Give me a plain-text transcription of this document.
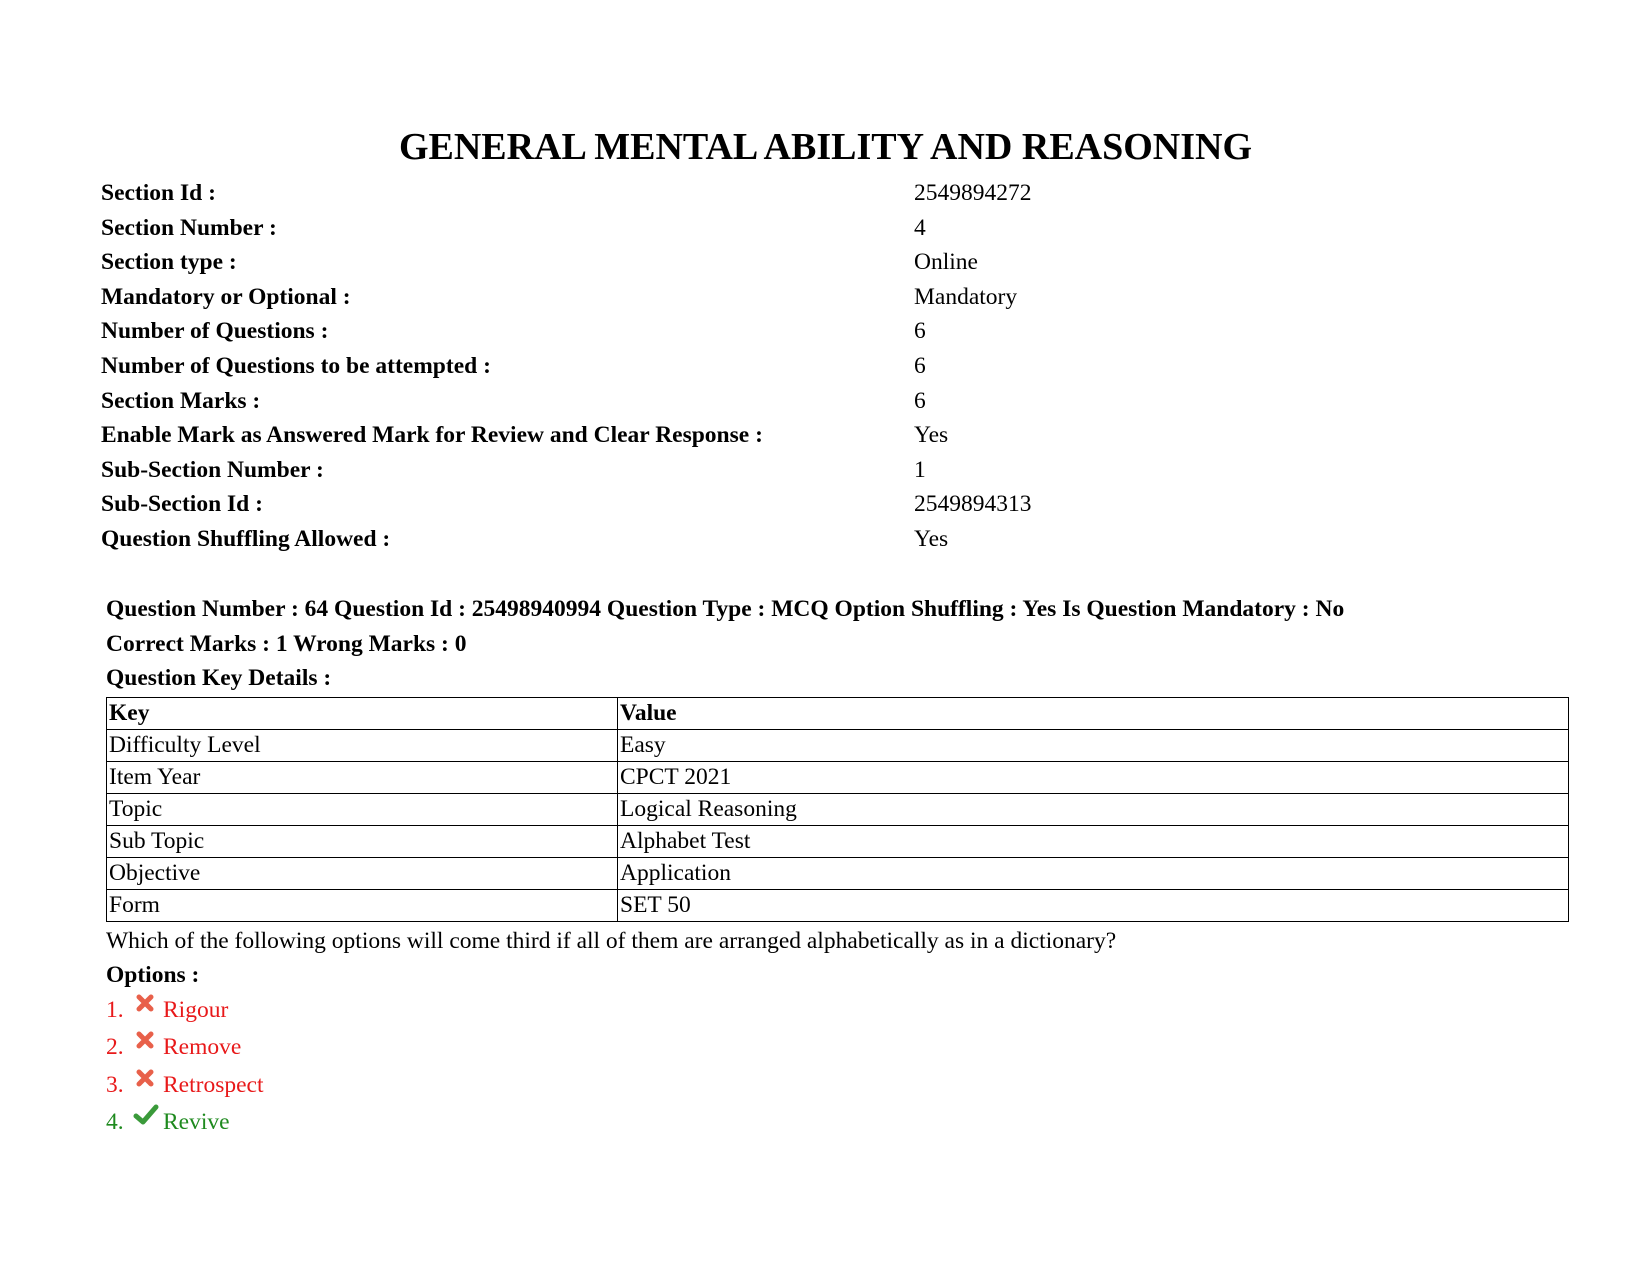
GENERAL MENTAL ABILITY AND REASONING
Section Id :	2549894272
Section Number :	4
Section type :	Online
Mandatory or Optional :	Mandatory
Number of Questions :	6
Number of Questions to be attempted :	6
Section Marks :	6
Enable Mark as Answered Mark for Review and Clear Response :	Yes
Sub-Section Number :	1
Sub-Section Id :	2549894313
Question Shuffling Allowed :	Yes
Question Number : 64 Question Id : 25498940994 Question Type : MCQ Option Shuffling : Yes Is Question Mandatory : No
Correct Marks : 1 Wrong Marks : 0
Question Key Details :
Key	Value
Difficulty Level	Easy
Item Year	CPCT 2021
Topic	Logical Reasoning
Sub Topic	Alphabet Test
Objective	Application
Form	SET 50
Which of the following options will come third if all of them are arranged alphabetically as in a dictionary?
Options :
1.	Rigour
2.	Remove
3.	Retrospect
4.	Revive
